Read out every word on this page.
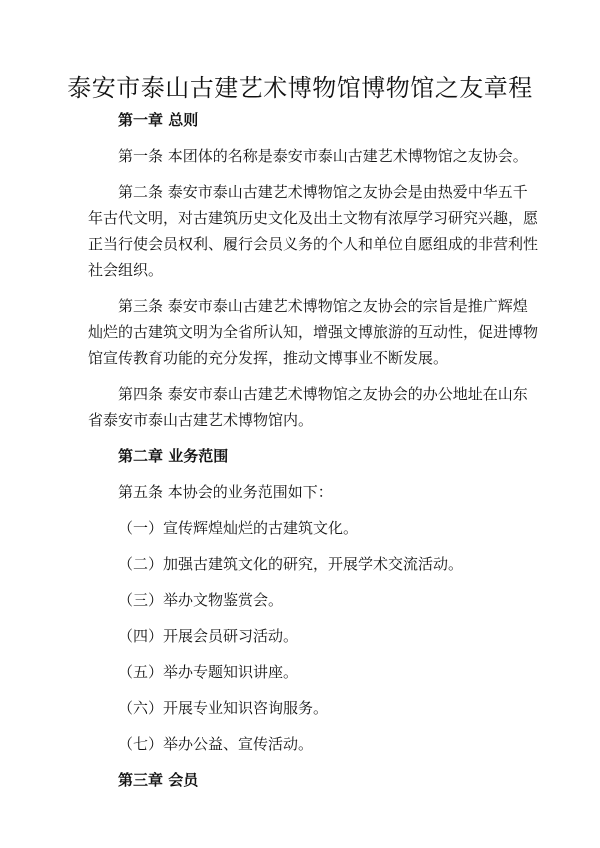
泰安市泰山古建艺术博物馆博物馆之友章程
第一章 总则
第一条 本团体的名称是泰安市泰山古建艺术博物馆之友协会。
第二条 泰安市泰山古建艺术博物馆之友协会是由热爱中华五千
年古代文明，对古建筑历史文化及出土文物有浓厚学习研究兴趣，愿
正当行使会员权利、履行会员义务的个人和单位自愿组成的非营利性
社会组织。
第三条 泰安市泰山古建艺术博物馆之友协会的宗旨是推广辉煌
灿烂的古建筑文明为全省所认知，增强文博旅游的互动性，促进博物
馆宣传教育功能的充分发挥，推动文博事业不断发展。
第四条 泰安市泰山古建艺术博物馆之友协会的办公地址在山东
省泰安市泰山古建艺术博物馆内。
第二章 业务范围
第五条 本协会的业务范围如下：
（一）宣传辉煌灿烂的古建筑文化。
（二）加强古建筑文化的研究，开展学术交流活动。
（三）举办文物鉴赏会。
（四）开展会员研习活动。
（五）举办专题知识讲座。
（六）开展专业知识咨询服务。
（七）举办公益、宣传活动。
第三章 会员
